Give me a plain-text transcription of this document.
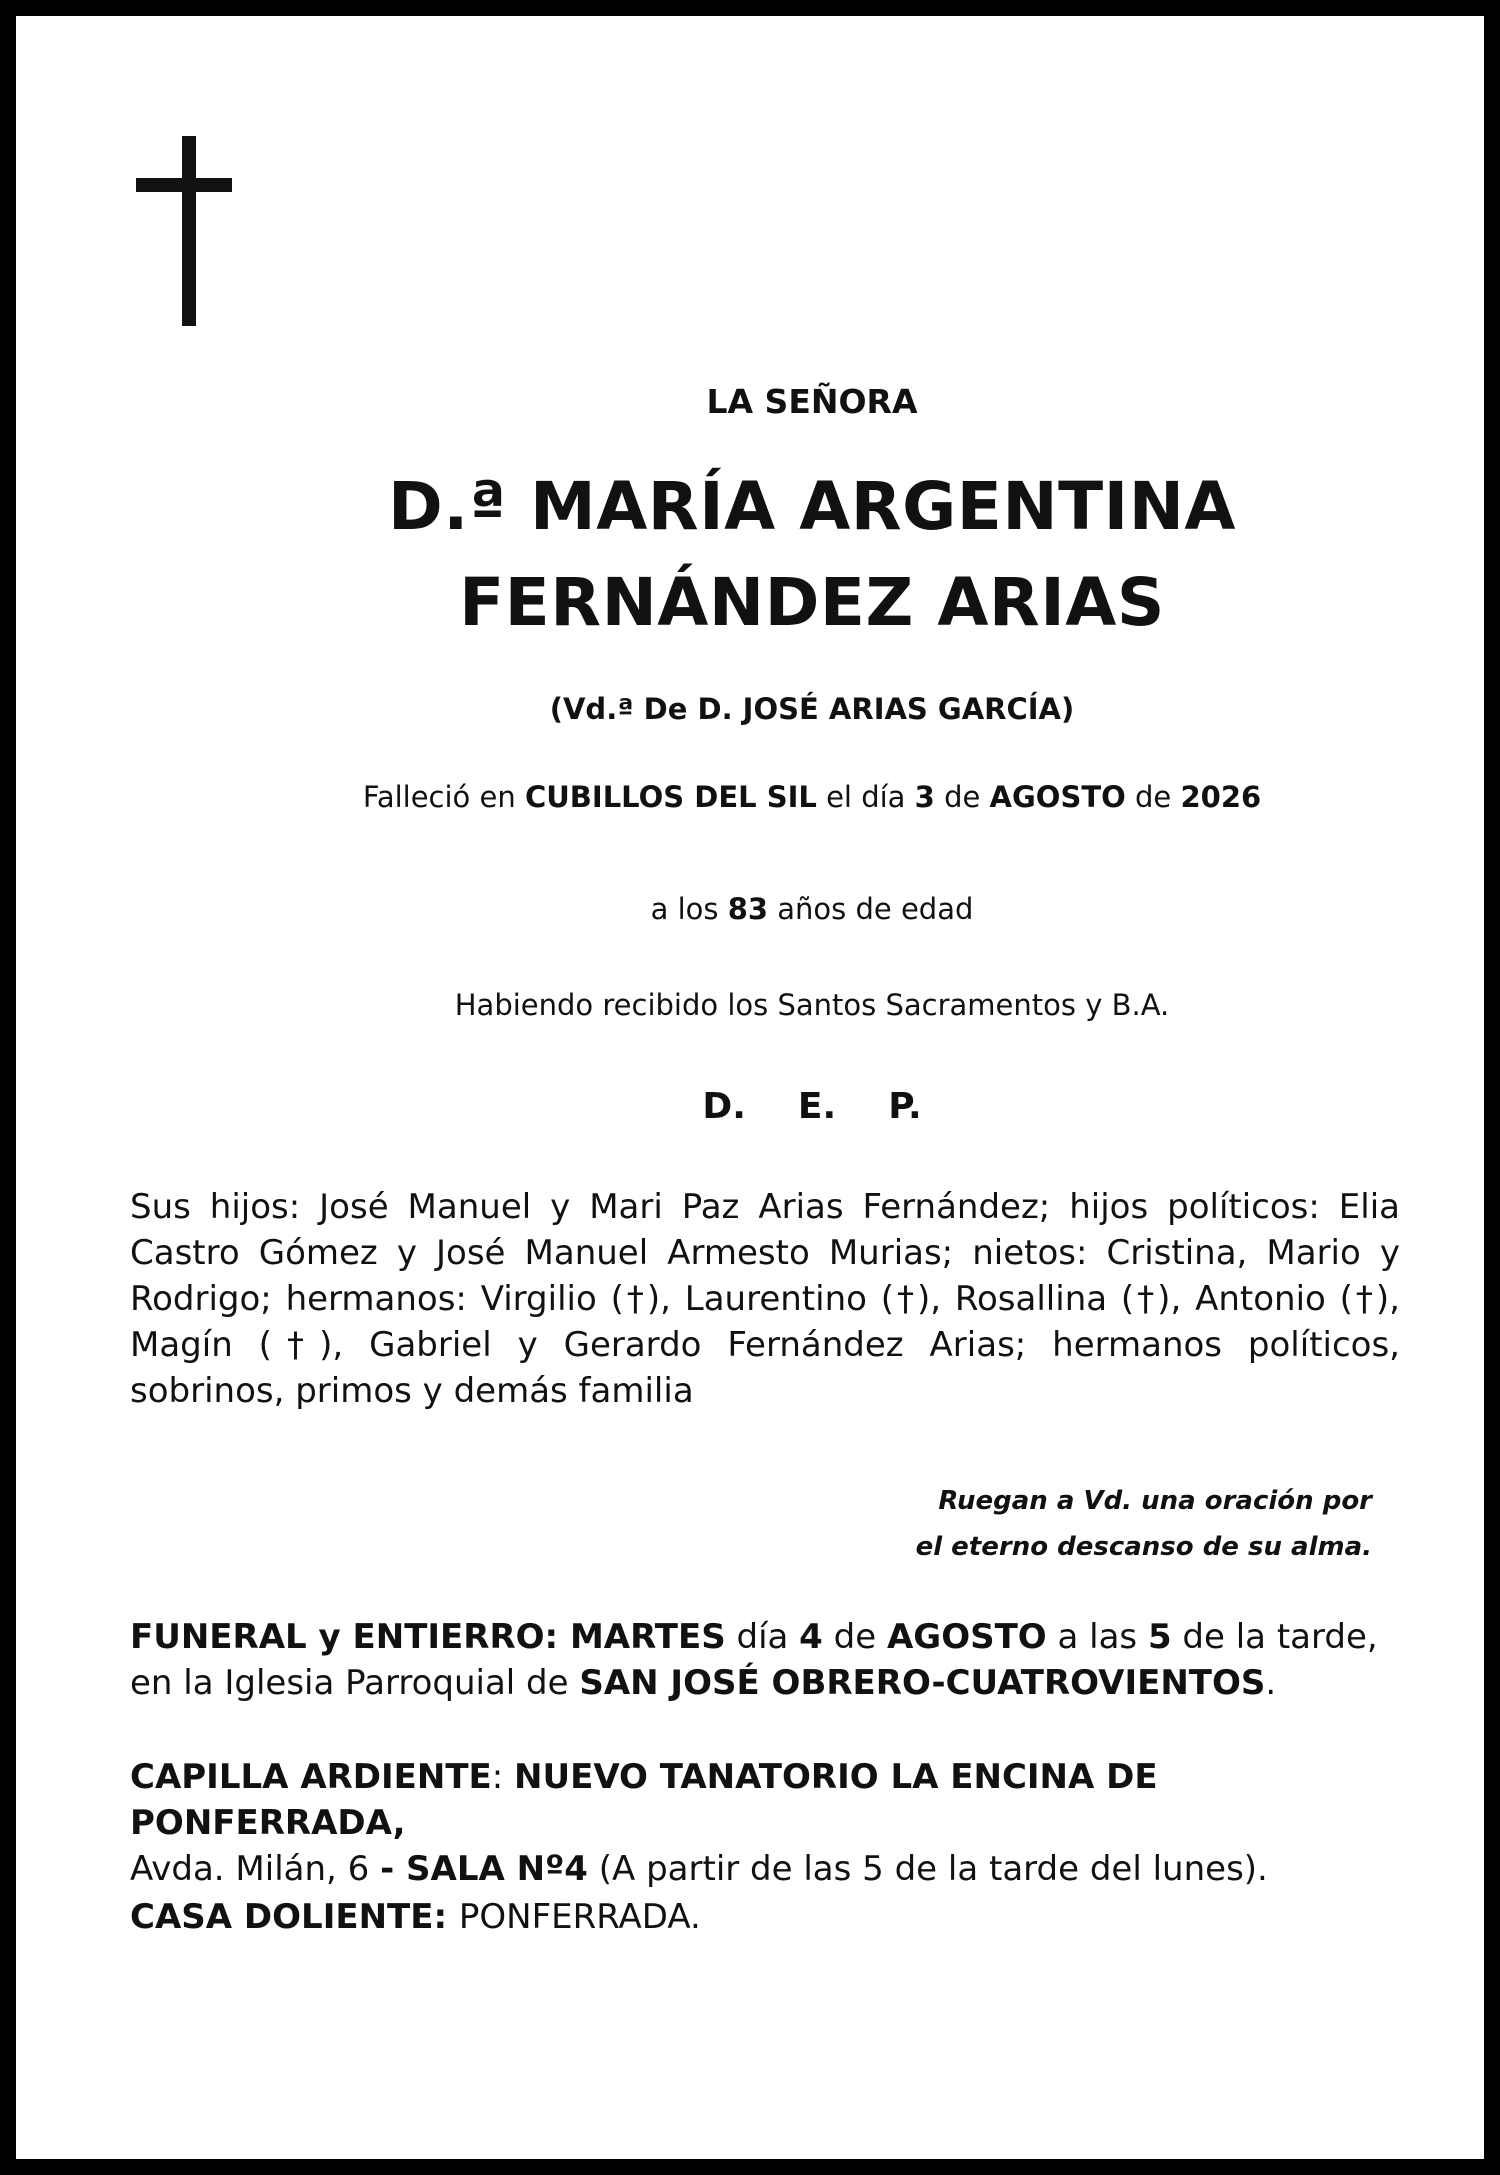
LA SEÑORA
D.ª MARÍA ARGENTINA
FERNÁNDEZ ARIAS
(Vd.ª De D. JOSÉ ARIAS GARCÍA)
Falleció en CUBILLOS DEL SIL el día 3 de AGOSTO de 2026
a los 83 años de edad
Habiendo recibido los Santos Sacramentos y B.A.
D. E. P.
Sus hijos: José Manuel y Mari Paz Arias Fernández; hijos políticos: Elia Castro Gómez y José Manuel Armesto Murias; nietos: Cristina, Mario y Rodrigo; hermanos: Virgilio (†), Laurentino (†), Rosallina (†), Antonio (†), Magín (†), Gabriel y Gerardo Fernández Arias; hermanos políticos, sobrinos, primos y demás familia
Ruegan a Vd. una oración por
el eterno descanso de su alma.
FUNERAL y ENTIERRO: MARTES día 4 de AGOSTO a las 5 de la tarde,
en la Iglesia Parroquial de SAN JOSÉ OBRERO-CUATROVIENTOS.
CAPILLA ARDIENTE: NUEVO TANATORIO LA ENCINA DE PONFERRADA,
Avda. Milán, 6 - SALA Nº4 (A partir de las 5 de la tarde del lunes).
CASA DOLIENTE: PONFERRADA.
